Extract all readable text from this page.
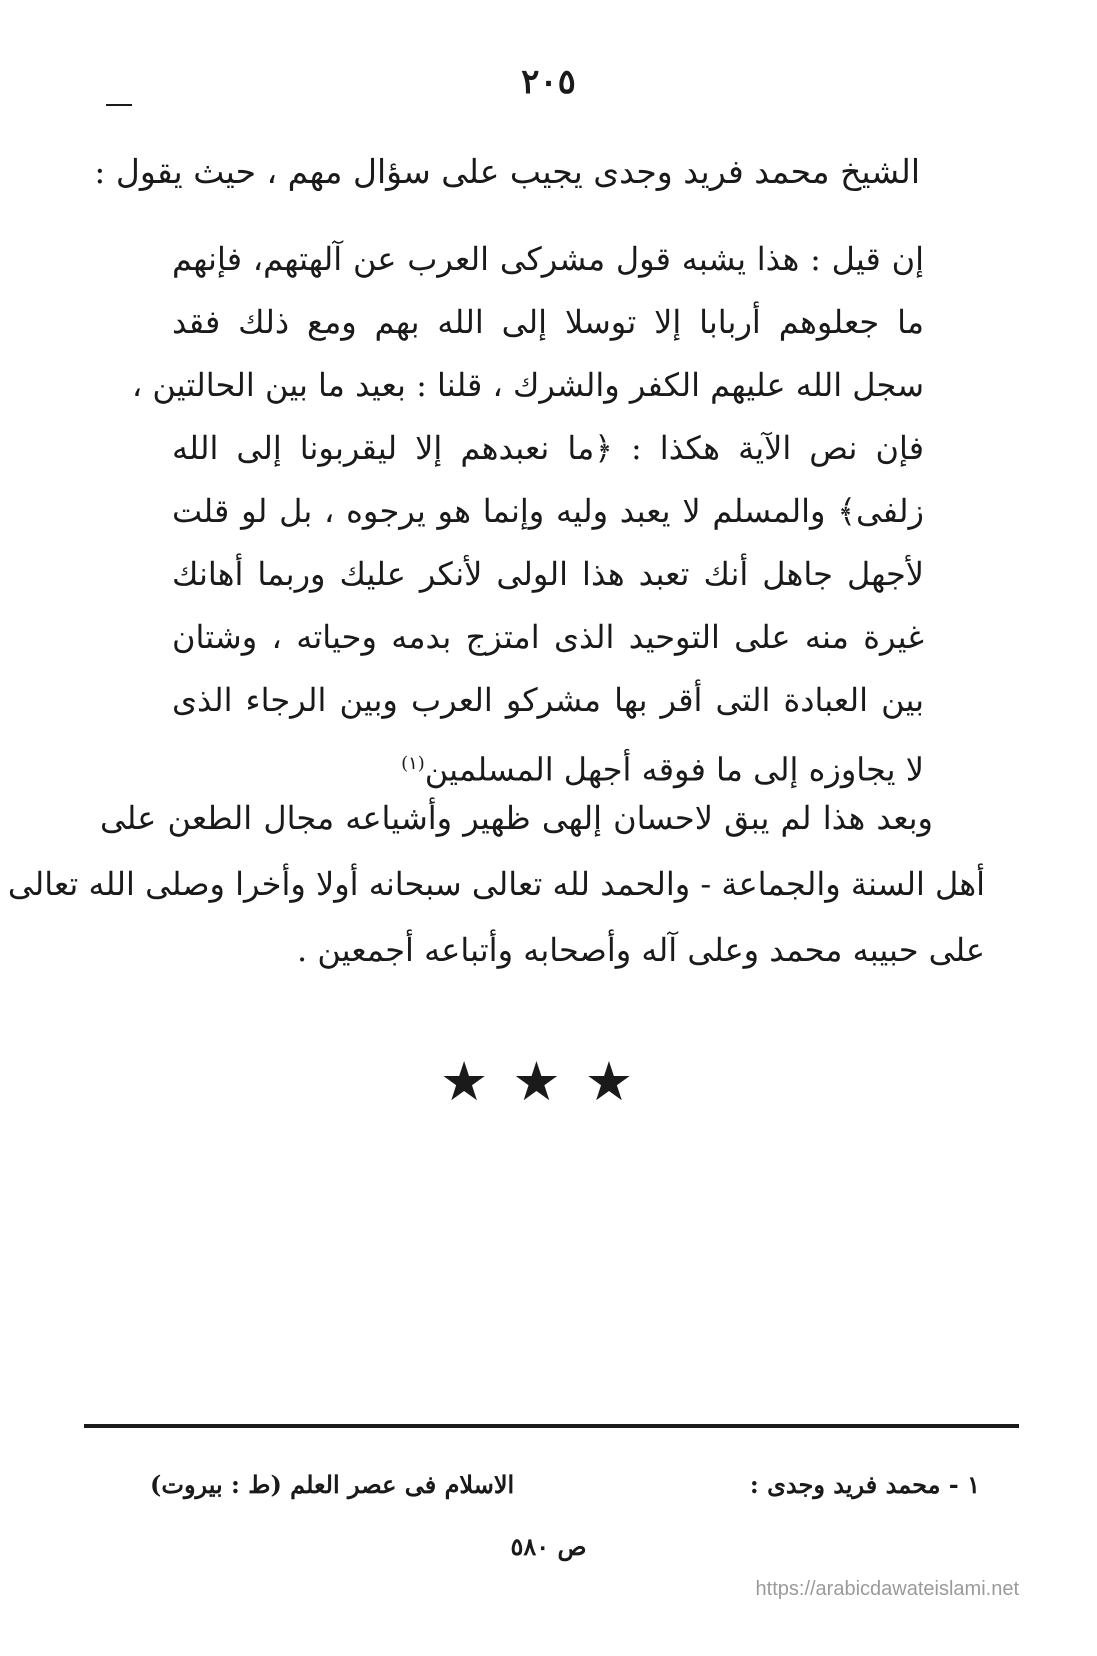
٢٠٥
الشيخ محمد فريد وجدى يجيب على سؤال مهم ، حيث يقول :
إن قيل : هذا يشبه قول مشركى العرب عن آلهتهم، فإنهم
ما جعلوهم أربابا إلا توسلا إلى الله بهم ومع ذلك فقد
سجل الله عليهم الكفر والشرك ، قلنا : بعيد ما بين الحالتين ،
فإن نص الآية هكذا : ﴿ما نعبدهم إلا ليقربونا إلى الله
زلفى﴾ والمسلم لا يعبد وليه وإنما هو يرجوه ، بل لو قلت
لأجهل جاهل أنك تعبد هذا الولى لأنكر عليك وربما أهانك
غيرة منه على التوحيد الذى امتزج بدمه وحياته ، وشتان
بين العبادة التى أقر بها مشركو العرب وبين الرجاء الذى
لا يجاوزه إلى ما فوقه أجهل المسلمين$^{(١)}$
وبعد هذا لم يبق لاحسان إلهى ظهير وأشياعه مجال الطعن على
أهل السنة والجماعة - والحمد لله تعالى سبحانه أولا وأخرا وصلى الله تعالى
على حبيبه محمد وعلى آله وأصحابه وأتباعه أجمعين .
★★★
١ - محمد فريد وجدى :
الاسلام فى عصر العلم (ط : بيروت)
ص ٥٨٠
https://arabicdawateislami.net
